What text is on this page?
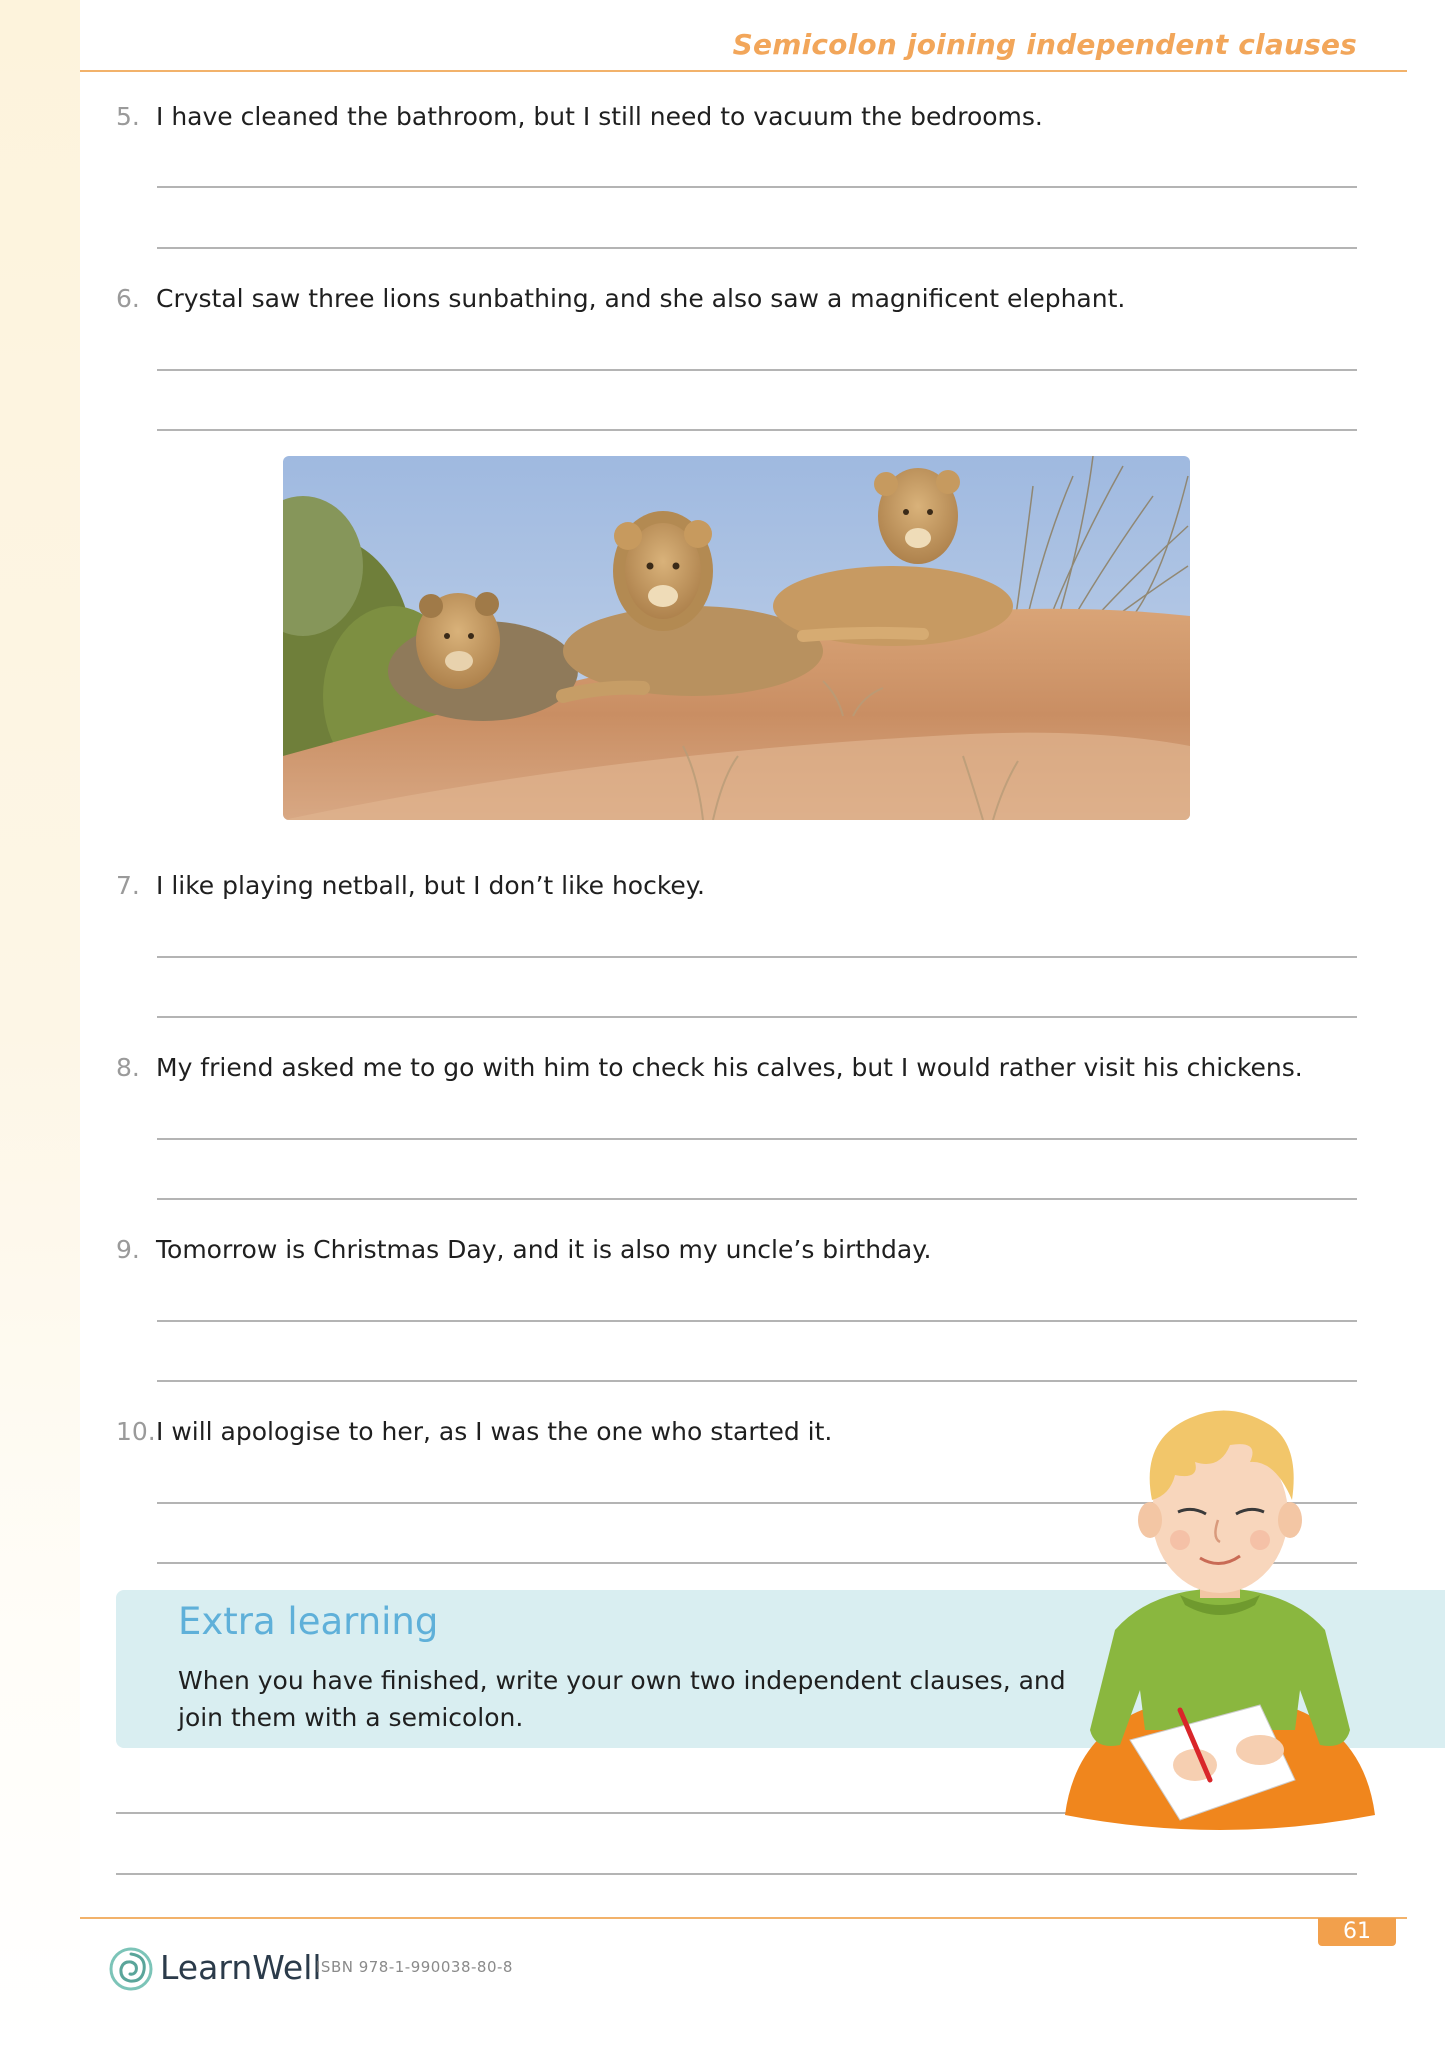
Semicolon joining independent clauses
5. I have cleaned the bathroom, but I still need to vacuum the bedrooms.
6. Crystal saw three lions sunbathing, and she also saw a magnificent elephant.
7. I like playing netball, but I don’t like hockey.
8. My friend asked me to go with him to check his calves, but I would rather visit his chickens.
9. Tomorrow is Christmas Day, and it is also my uncle’s birthday.
10. I will apologise to her, as I was the one who started it.
Extra learning
When you have finished, write your own two independent clauses, and join them with a semicolon.
61
LearnWell
ISBN 978-1-990038-80-8
